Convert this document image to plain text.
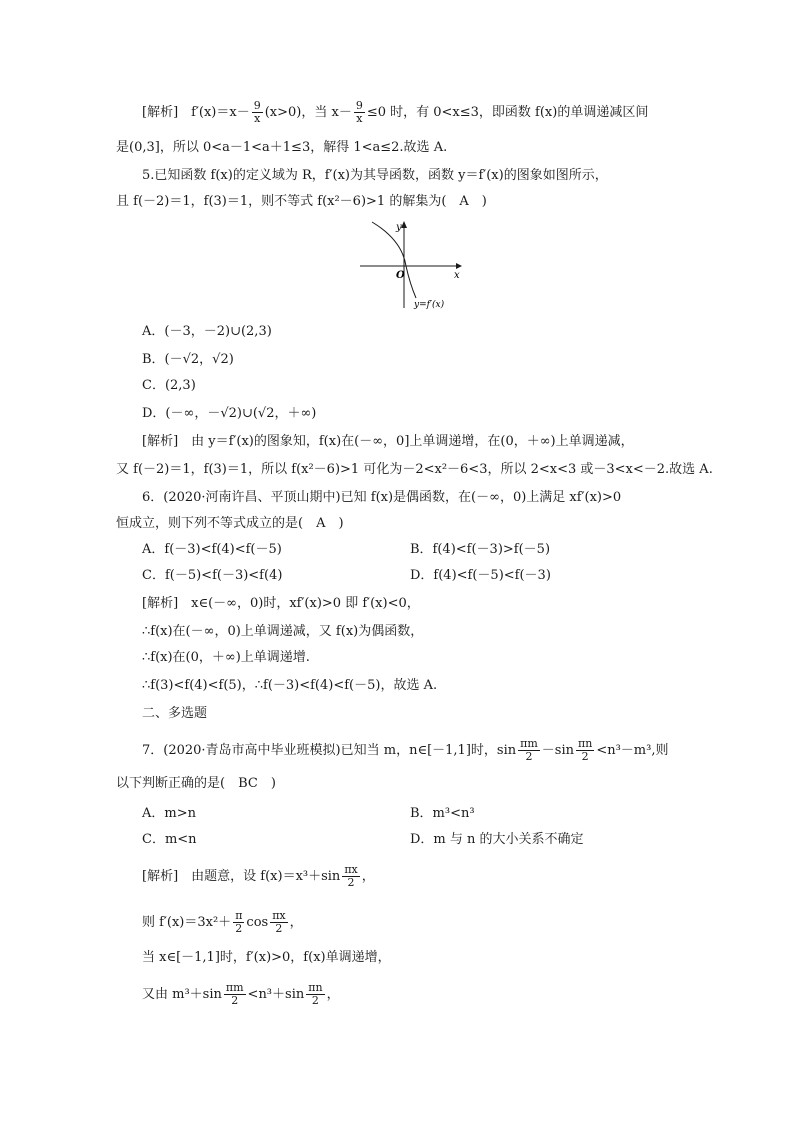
[解析]　$f'(x)=x- \frac{9}{x} (x>0)$，当 $x- \frac{9}{x} \le 0$ 时，有 0<x≤3，即函数 f(x)的单调递减区间
是(0,3]，所以 0<a－1<a＋1≤3，解得 1<a≤2.故选 A.
5.已知函数 f(x)的定义域为 R，f′(x)为其导函数，函数 y＝f′(x)的图象如图所示，
且 f(－2)＝1，f(3)＝1，则不等式 f(x²－6)>1 的解集为(　A　)
y
x
O
y=f′(x)
A．(－3，－2)∪(2,3)
B．(－√2，√2)
C．(2,3)
D．(－∞，－√2)∪(√2，＋∞)
[解析]　由 y＝f′(x)的图象知，f(x)在(－∞，0]上单调递增，在(0，＋∞)上单调递减，
又 f(－2)＝1，f(3)＝1，所以 f(x²－6)>1 可化为－2<x²－6<3，所以 2<x<3 或－3<x<－2.故选 A.
6．(2020·河南许昌、平顶山期中)已知 f(x)是偶函数，在(－∞，0)上满足 xf′(x)>0
恒成立，则下列不等式成立的是(　A　)
A．f(－3)<f(4)<f(－5)	B．f(4)<f(－3)>f(－5)
C．f(－5)<f(－3)<f(4)	D．f(4)<f(－5)<f(－3)
[解析]　x∈(－∞，0)时，xf′(x)>0 即 f′(x)<0，
∴f(x)在(－∞，0)上单调递减，又 f(x)为偶函数，
∴f(x)在(0，＋∞)上单调递增.
∴f(3)<f(4)<f(5)，∴f(－3)<f(4)<f(－5)，故选 A.
二、多选题
7．(2020·青岛市高中毕业班模拟)已知当 m，n∈[－1,1]时，$\sin \frac{\pi m}{2} -\sin \frac{\pi n}{2} <n^3-m^3$,则
以下判断正确的是(　BC　)
A．m>n	B．m³<n³
C．m<n	D．m 与 n 的大小关系不确定
[解析]　由题意，设 $f(x)=x^3+\sin \frac{\pi x}{2}$ ，
则 $f'(x)=3x^2+ \frac{\pi}{2}$ $\cos \frac{\pi x}{2}$ ，
当 x∈[－1,1]时，f′(x)>0，f(x)单调递增，
又由 $m^3+\sin \frac{\pi m}{2} <n^3+\sin \frac{\pi n}{2}$ ，
